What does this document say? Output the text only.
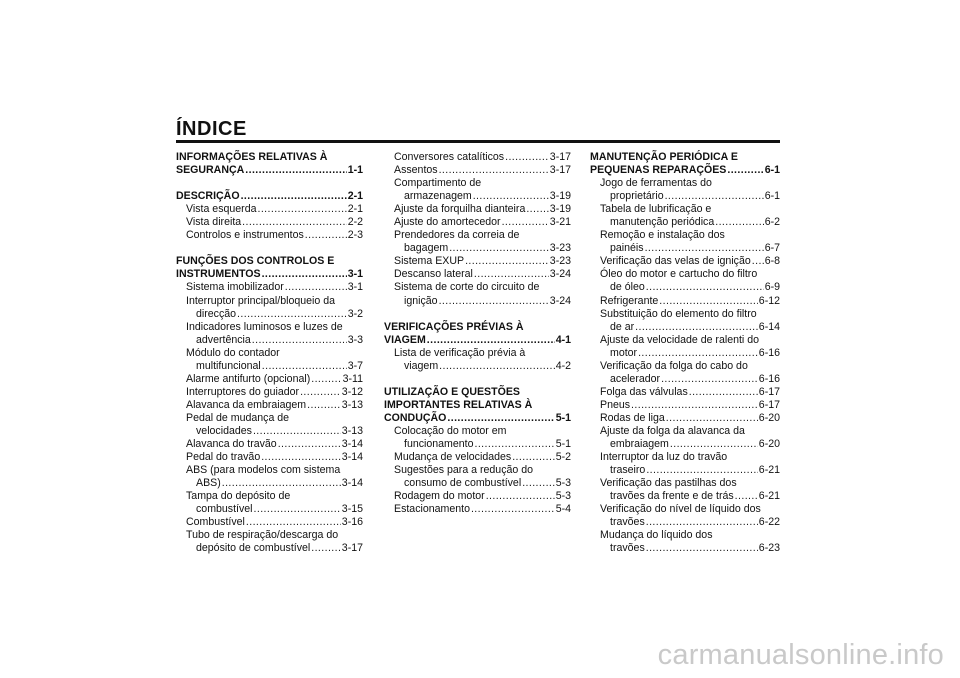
ÍNDICE
INFORMAÇÕES RELATIVAS À
SEGURANÇA .....	1-1
DESCRIÇÃO .....	2-1
Vista esquerda .....	2-1
Vista direita .....	2-2
Controlos e instrumentos .....	2-3
FUNÇÕES DOS CONTROLOS E
INSTRUMENTOS .....	3-1
Sistema imobilizador .....	3-1
Interruptor principal/bloqueio da
direcção .....	3-2
Indicadores luminosos e luzes de
advertência .....	3-3
Módulo do contador
multifuncional .....	3-7
Alarme antifurto (opcional) .....	3-11
Interruptores do guiador .....	3-12
Alavanca da embraiagem .....	3-13
Pedal de mudança de
velocidades .....	3-13
Alavanca do travão .....	3-14
Pedal do travão .....	3-14
ABS (para modelos com sistema
ABS) .....	3-14
Tampa do depósito de
combustível .....	3-15
Combustível .....	3-16
Tubo de respiração/descarga do
depósito de combustível .....	3-17
Conversores catalíticos .....	3-17
Assentos .....	3-17
Compartimento de
armazenagem .....	3-19
Ajuste da forquilha dianteira ..... 3-19
Ajuste do amortecedor .....	3-21
Prendedores da correia de
bagagem .....	3-23
Sistema EXUP .....	3-23
Descanso lateral .....	3-24
Sistema de corte do circuito de
ignição .....	3-24
VERIFICAÇÕES PRÉVIAS À
VIAGEM .....	4-1
Lista de verificação prévia à
viagem .....	4-2
UTILIZAÇÃO E QUESTÕES
IMPORTANTES RELATIVAS À
CONDUÇÃO .....	5-1
Colocação do motor em
funcionamento .....	5-1
Mudança de velocidades .....	5-2
Sugestões para a redução do
consumo de combustível .....	5-3
Rodagem do motor .....	5-3
Estacionamento .....	5-4
MANUTENÇÃO PERIÓDICA E
PEQUENAS REPARAÇÕES .....	6-1
Jogo de ferramentas do
proprietário .....	6-1
Tabela de lubrificação e
manutenção periódica .....	6-2
Remoção e instalação dos
painéis .....	6-7
Verificação das velas de ignição ..... 6-8
Óleo do motor e cartucho do filtro
de óleo .....	6-9
Refrigerante .....	6-12
Substituição do elemento do filtro
de ar .....	6-14
Ajuste da velocidade de ralenti do
motor .....	6-16
Verificação da folga do cabo do
acelerador .....	6-16
Folga das válvulas .....	6-17
Pneus .....	6-17
Rodas de liga .....	6-20
Ajuste da folga da alavanca da
embraiagem .....	6-20
Interruptor da luz do travão
traseiro .....	6-21
Verificação das pastilhas dos
travões da frente e de trás ..... 6-21
Verificação do nível de líquido dos
travões .....	6-22
Mudança do líquido dos
travões .....	6-23
carmanualsonline.info
